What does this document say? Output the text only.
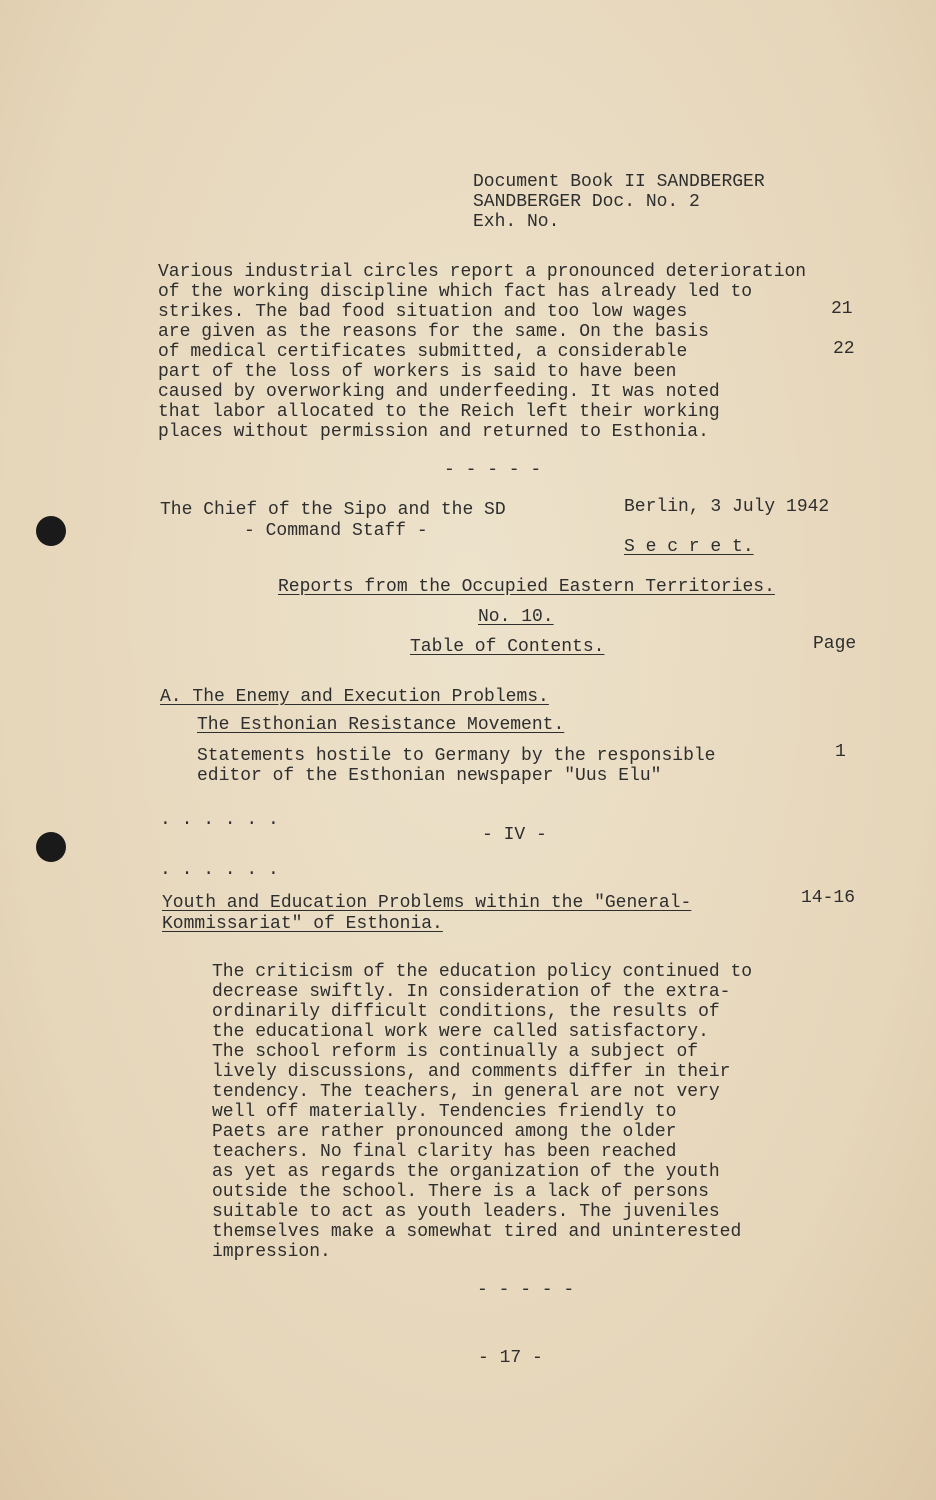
Document Book II SANDBERGER
SANDBERGER Doc. No. 2
Exh. No.
Various industrial circles report a pronounced deterioration
of the working discipline which fact has already led to
strikes. The bad food situation and too low wages
are given as the reasons for the same. On the basis
of medical certificates submitted, a considerable
part of the loss of workers is said to have been
caused by overworking and underfeeding. It was noted
that labor allocated to the Reich left their working
places without permission and returned to Esthonia.
21
22
- - - - -
The Chief of the Sipo and the SD
- Command Staff -
Berlin, 3 July 1942
S e c r e t.
Reports from the Occupied Eastern Territories.
No. 10.
Table of Contents.	Page
A. The Enemy and Execution Problems.
The Esthonian Resistance Movement.
Statements hostile to Germany by the responsible
editor of the Esthonian newspaper "Uus Elu"
1
. . . . . .
- IV -
. . . . . .
Youth and Education Problems within the "General-
Kommissariat" of Esthonia.
14-16
The criticism of the education policy continued to
decrease swiftly. In consideration of the extra-
ordinarily difficult conditions, the results of
the educational work were called satisfactory.
The school reform is continually a subject of
lively discussions, and comments differ in their
tendency. The teachers, in general are not very
well off materially. Tendencies friendly to
Paets are rather pronounced among the older
teachers. No final clarity has been reached
as yet as regards the organization of the youth
outside the school. There is a lack of persons
suitable to act as youth leaders. The juveniles
themselves make a somewhat tired and uninterested
impression.
- - - - -
- 17 -
